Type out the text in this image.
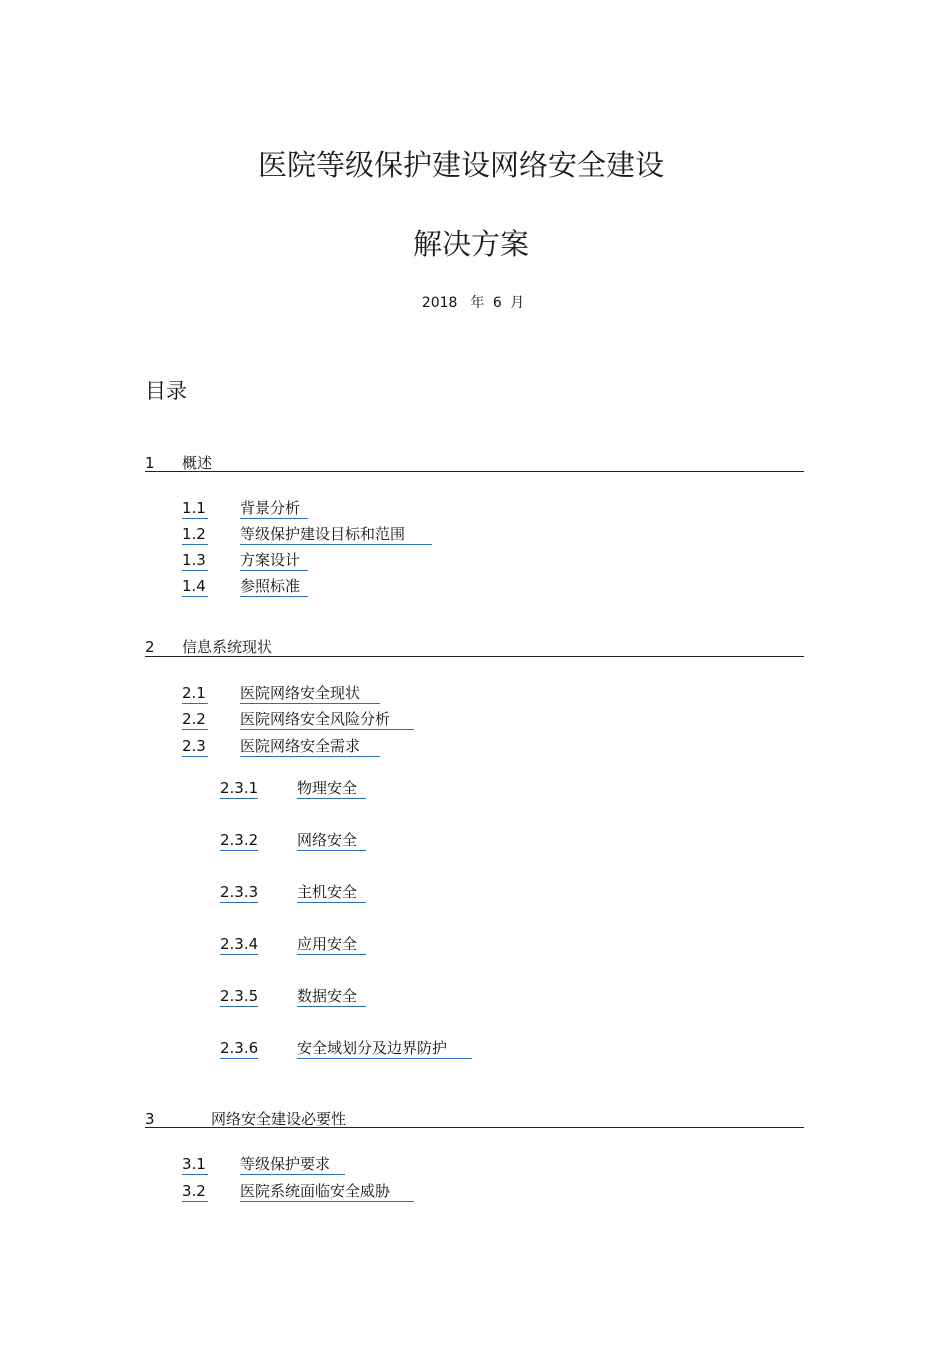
医院等级保护建设网络安全建设
解决方案
2018 年 6 月
目录
1 概述
1.1 背景分析
1.2 等级保护建设目标和范围
1.3 方案设计
1.4 参照标准
2 信息系统现状
2.1 医院网络安全现状
2.2 医院网络安全风险分析
2.3 医院网络安全需求
2.3.1	物理安全
2.3.2	网络安全
2.3.3	主机安全
2.3.4	应用安全
2.3.5	数据安全
2.3.6	安全域划分及边界防护
3	网络安全建设必要性
3.1 等级保护要求
3.2 医院系统面临安全威胁
